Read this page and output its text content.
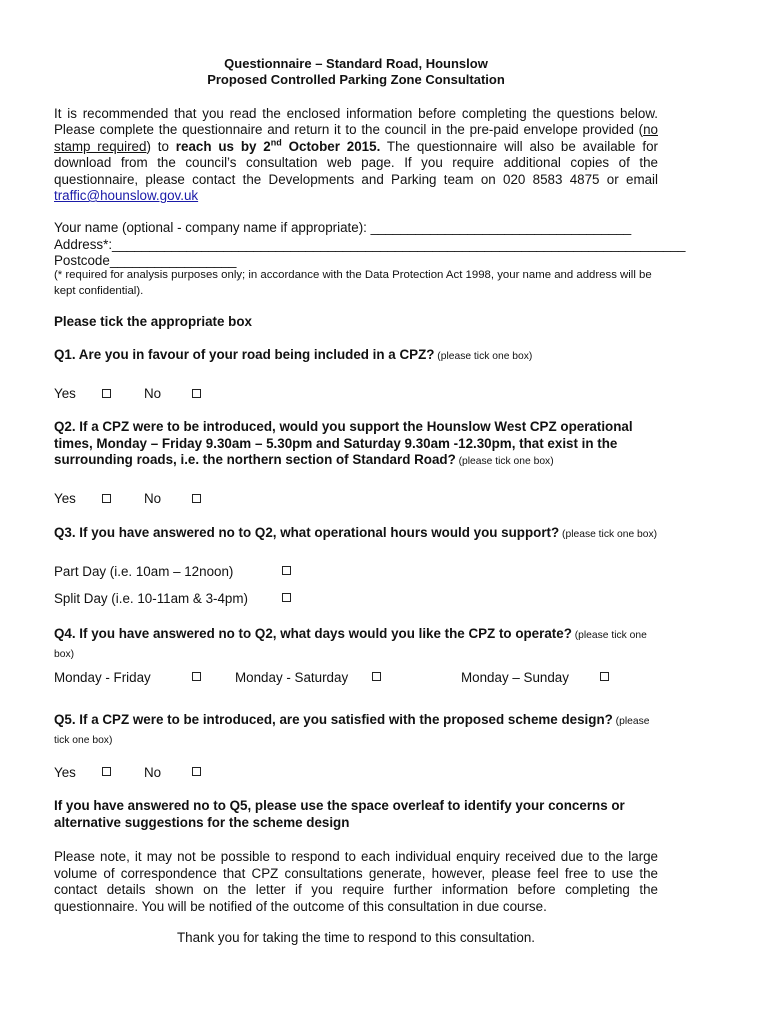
Questionnaire – Standard Road, Hounslow
Proposed Controlled Parking Zone Consultation
It is recommended that you read the enclosed information before completing the questions below. Please complete the questionnaire and return it to the council in the pre-paid envelope provided (no stamp required) to reach us by 2nd October 2015. The questionnaire will also be available for download from the council’s consultation web page. If you require additional copies of the questionnaire, please contact the Developments and Parking team on 020 8583 4875 or email traffic@hounslow.gov.uk
Your name (optional - company name if appropriate): ___________________________________
Address*:_____________________________________________________________________________
Postcode_________________
(* required for analysis purposes only; in accordance with the Data Protection Act 1998, your name and address will be kept confidential).
Please tick the appropriate box
Q1. Are you in favour of your road being included in a CPZ? (please tick one box)
Yes	No
Q2. If a CPZ were to be introduced, would you support the Hounslow West CPZ operational times, Monday – Friday 9.30am – 5.30pm and Saturday 9.30am -12.30pm, that exist in the surrounding roads, i.e. the northern section of Standard Road? (please tick one box)
Yes	No
Q3. If you have answered no to Q2, what operational hours would you support? (please tick one box)
Part Day (i.e. 10am – 12noon)
Split Day (i.e. 10-11am & 3-4pm)
Q4. If you have answered no to Q2, what days would you like the CPZ to operate? (please tick one box)
Monday - Friday	Monday - Saturday	Monday – Sunday
Q5. If a CPZ were to be introduced, are you satisfied with the proposed scheme design? (please tick one box)
Yes	No
If you have answered no to Q5, please use the space overleaf to identify your concerns or alternative suggestions for the scheme design
Please note, it may not be possible to respond to each individual enquiry received due to the large volume of correspondence that CPZ consultations generate, however, please feel free to use the contact details shown on the letter if you require further information before completing the questionnaire. You will be notified of the outcome of this consultation in due course.
Thank you for taking the time to respond to this consultation.
